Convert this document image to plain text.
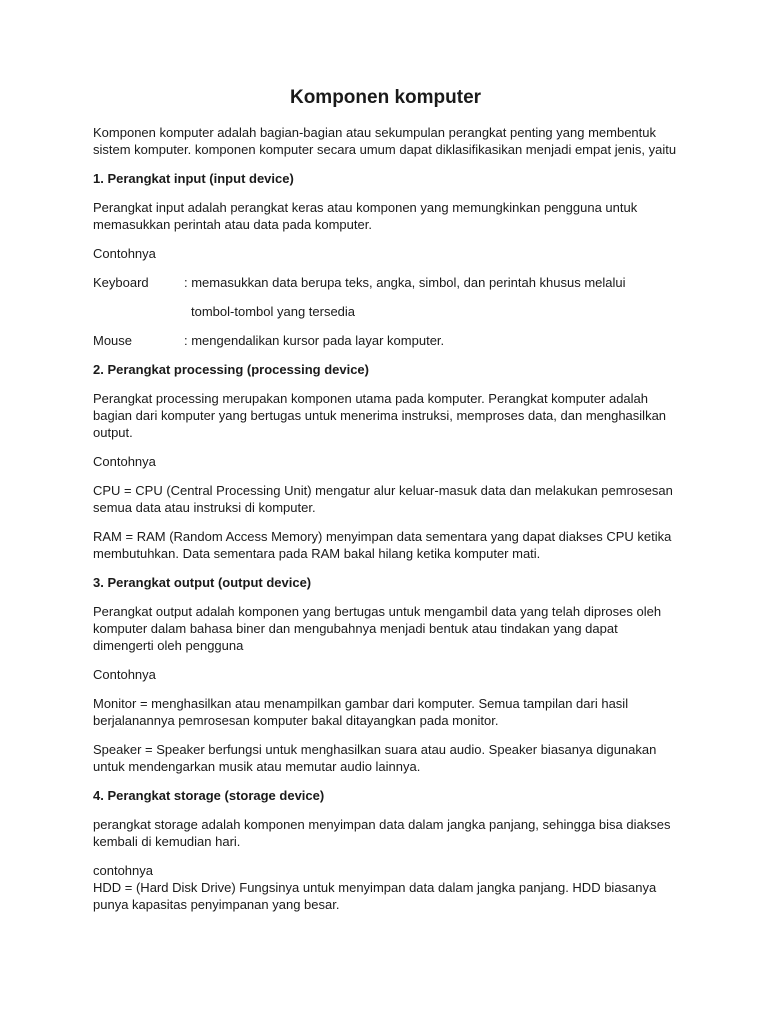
Komponen komputer

Komponen komputer adalah bagian-bagian atau sekumpulan perangkat penting yang membentuk sistem komputer. komponen komputer secara umum dapat diklasifikasikan menjadi empat jenis, yaitu

1. Perangkat input (input device)

Perangkat input adalah perangkat keras atau komponen yang memungkinkan pengguna untuk memasukkan perintah atau data pada komputer.

Contohnya

Keyboard	: memasukkan data berupa teks, angka, simbol, dan perintah khusus melalui
tombol-tombol yang tersedia
Mouse	: mengendalikan kursor pada layar komputer.
2. Perangkat processing (processing device)

Perangkat processing merupakan komponen utama pada komputer. Perangkat komputer adalah bagian dari komputer yang bertugas untuk menerima instruksi, memproses data, dan menghasilkan output.

Contohnya

CPU = CPU (Central Processing Unit) mengatur alur keluar-masuk data dan melakukan pemrosesan semua data atau instruksi di komputer.

RAM = RAM (Random Access Memory) menyimpan data sementara yang dapat diakses CPU ketika membutuhkan. Data sementara pada RAM bakal hilang ketika komputer mati.

3. Perangkat output (output device)

Perangkat output adalah komponen yang bertugas untuk mengambil data yang telah diproses oleh komputer dalam bahasa biner dan mengubahnya menjadi bentuk atau tindakan yang dapat dimengerti oleh pengguna

Contohnya

Monitor = menghasilkan atau menampilkan gambar dari komputer. Semua tampilan dari hasil berjalanannya pemrosesan komputer bakal ditayangkan pada monitor.

Speaker = Speaker berfungsi untuk menghasilkan suara atau audio. Speaker biasanya digunakan untuk mendengarkan musik atau memutar audio lainnya.

4. Perangkat storage (storage device)

perangkat storage adalah komponen menyimpan data dalam jangka panjang, sehingga bisa diakses kembali di kemudian hari.

contohnya

HDD = (Hard Disk Drive) Fungsinya untuk menyimpan data dalam jangka panjang. HDD biasanya punya kapasitas penyimpanan yang besar.
